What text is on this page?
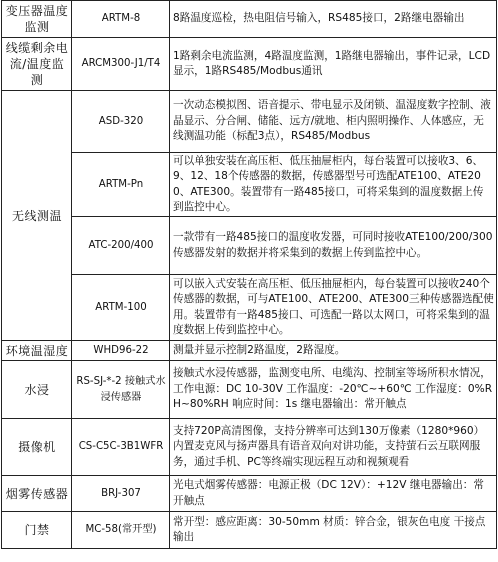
变压器温度监测	ARTM-8	8路温度巡检，热电阻信号输入，RS485接口，2路继电器输出
线缆剩余电流/温度监测	ARCM300-J1/T4	1路剩余电流监测，4路温度监测，1路继电器输出，事件记录，LCD显示，1路RS485/Modbus通讯
无线测温	ASD-320	一次动态模拟图、语音提示、带电显示及闭锁、温湿度数字控制、液晶显示、分合闸、储能、远方/就地、柜内照明操作、人体感应，无线测温功能（标配3点），RS485/Modbus
	ARTM-Pn	可以单独安装在高压柜、低压抽屉柜内，每台装置可以接收3、6、9、12、18个传感器的数据，传感器型号可选配ATE100、ATE200、ATE300。装置带有一路485接口，可将采集到的温度数据上传到监控中心。
	ATC-200/400	一款带有一路485接口的温度收发器，可同时接收ATE100/200/300传感器发射的数据并将采集到的数据上传到监控中心。
	ARTM-100	可以嵌入式安装在高压柜、低压抽屉柜内，每台装置可以接收240个传感器的数据，可与ATE100、ATE200、ATE300三种传感器选配使用。装置带有一路485接口、可选配一路以太网口，可将采集到的温度数据上传到监控中心。
环境温湿度	WHD96-22	测量并显示控制2路温度，2路湿度。
水浸	RS-SJ-*-2 接触式水浸传感器	接触式水浸传感器，监测变电所、电缆沟、控制室等场所积水情况，工作电源：DC 10-30V 工作温度：-20℃~+60℃ 工作湿度：0%RH~80%RH 响应时间：1s 继电器输出：常开触点
摄像机	CS-C5C-3B1WFR	支持720P高清图像，支持分辨率可达到130万像素（1280*960）内置麦克风与扬声器具有语音双向对讲功能，支持萤石云互联网服务，通过手机、PC等终端实现远程互动和视频观看
烟雾传感器	BRJ-307	光电式烟雾传感器：电源正极（DC 12V）：+12V 继电器输出：常开触点
门禁	MC-58(常开型)	常开型：感应距离：30-50mm 材质：锌合金，银灰色电度 干接点输出
